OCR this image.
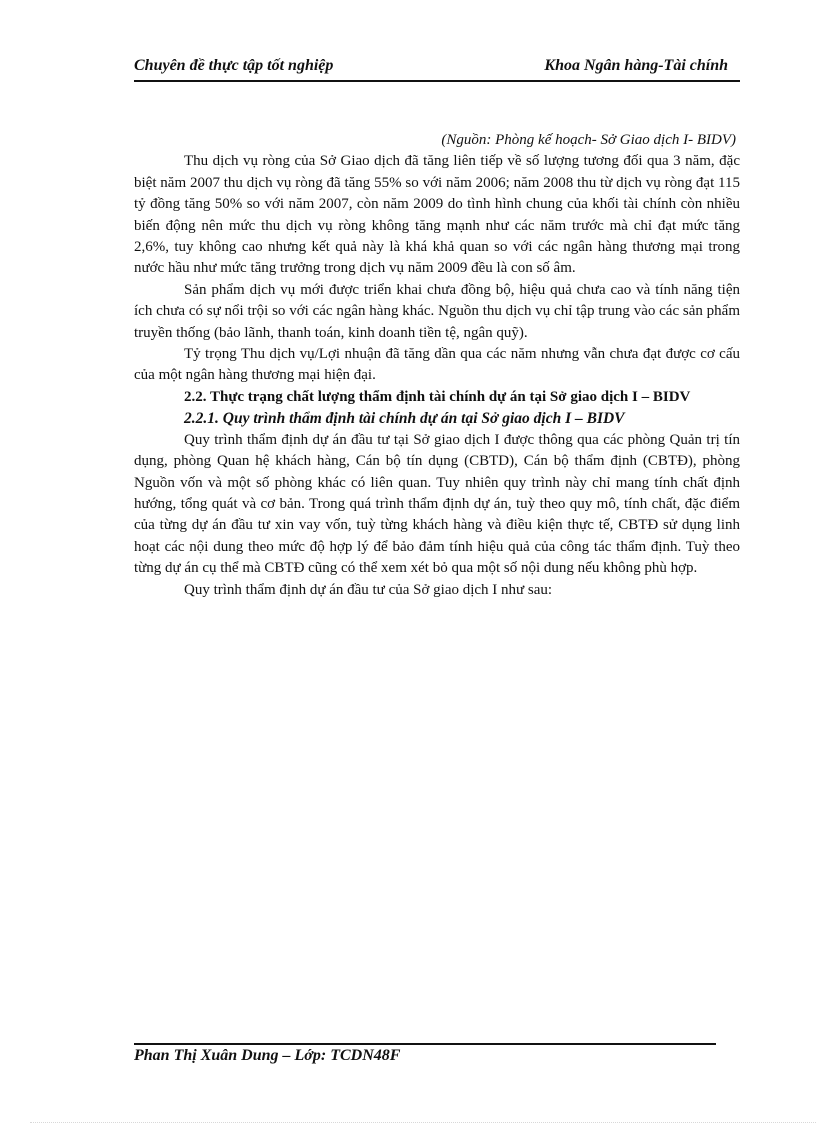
Chuyên đề thực tập tốt nghiệp	Khoa Ngân hàng-Tài chính
(Nguồn: Phòng kế hoạch- Sở Giao dịch I- BIDV)

Thu dịch vụ ròng của Sở Giao dịch đã tăng liên tiếp về số lượng tương đối qua 3 năm, đặc biệt năm 2007 thu dịch vụ ròng đã tăng 55% so với năm 2006; năm 2008 thu từ dịch vụ ròng đạt 115 tỷ đồng tăng 50% so với năm 2007, còn năm 2009 do tình hình chung của khối tài chính còn nhiều biến động nên mức thu dịch vụ ròng không tăng mạnh như các năm trước mà chỉ đạt mức tăng 2,6%, tuy không cao nhưng kết quả này là khá khả quan so với các ngân hàng thương mại trong nước hầu như mức tăng trưởng trong dịch vụ năm 2009 đều là con số âm.

Sản phẩm dịch vụ mới được triển khai chưa đồng bộ, hiệu quả chưa cao và tính năng tiện ích chưa có sự nổi trội so với các ngân hàng khác. Nguồn thu dịch vụ chỉ tập trung vào các sản phẩm truyền thống (bảo lãnh, thanh toán, kinh doanh tiền tệ, ngân quỹ).

Tỷ trọng Thu dịch vụ/Lợi nhuận đã tăng dần qua các năm nhưng vẫn chưa đạt được cơ cấu của một ngân hàng thương mại hiện đại.

2.2. Thực trạng chất lượng thẩm định tài chính dự án tại Sở giao dịch I – BIDV

2.2.1. Quy trình thẩm định tài chính dự án tại Sở giao dịch I – BIDV

Quy trình thẩm định dự án đầu tư tại Sở giao dịch I được thông qua các phòng Quản trị tín dụng, phòng Quan hệ khách hàng, Cán bộ tín dụng (CBTD), Cán bộ thẩm định (CBTĐ), phòng Nguồn vốn và một số phòng khác có liên quan. Tuy nhiên quy trình này chỉ mang tính chất định hướng, tổng quát và cơ bản. Trong quá trình thẩm định dự án, tuỳ theo quy mô, tính chất, đặc điểm của từng dự án đầu tư xin vay vốn, tuỳ từng khách hàng và điều kiện thực tế, CBTĐ sử dụng linh hoạt các nội dung theo mức độ hợp lý để bảo đảm tính hiệu quả của công tác thẩm định. Tuỳ theo từng dự án cụ thể mà CBTĐ cũng có thể xem xét bỏ qua một số nội dung nếu không phù hợp.

Quy trình thẩm định dự án đầu tư của Sở giao dịch I như sau:

Phan Thị Xuân Dung – Lớp: TCDN48F
